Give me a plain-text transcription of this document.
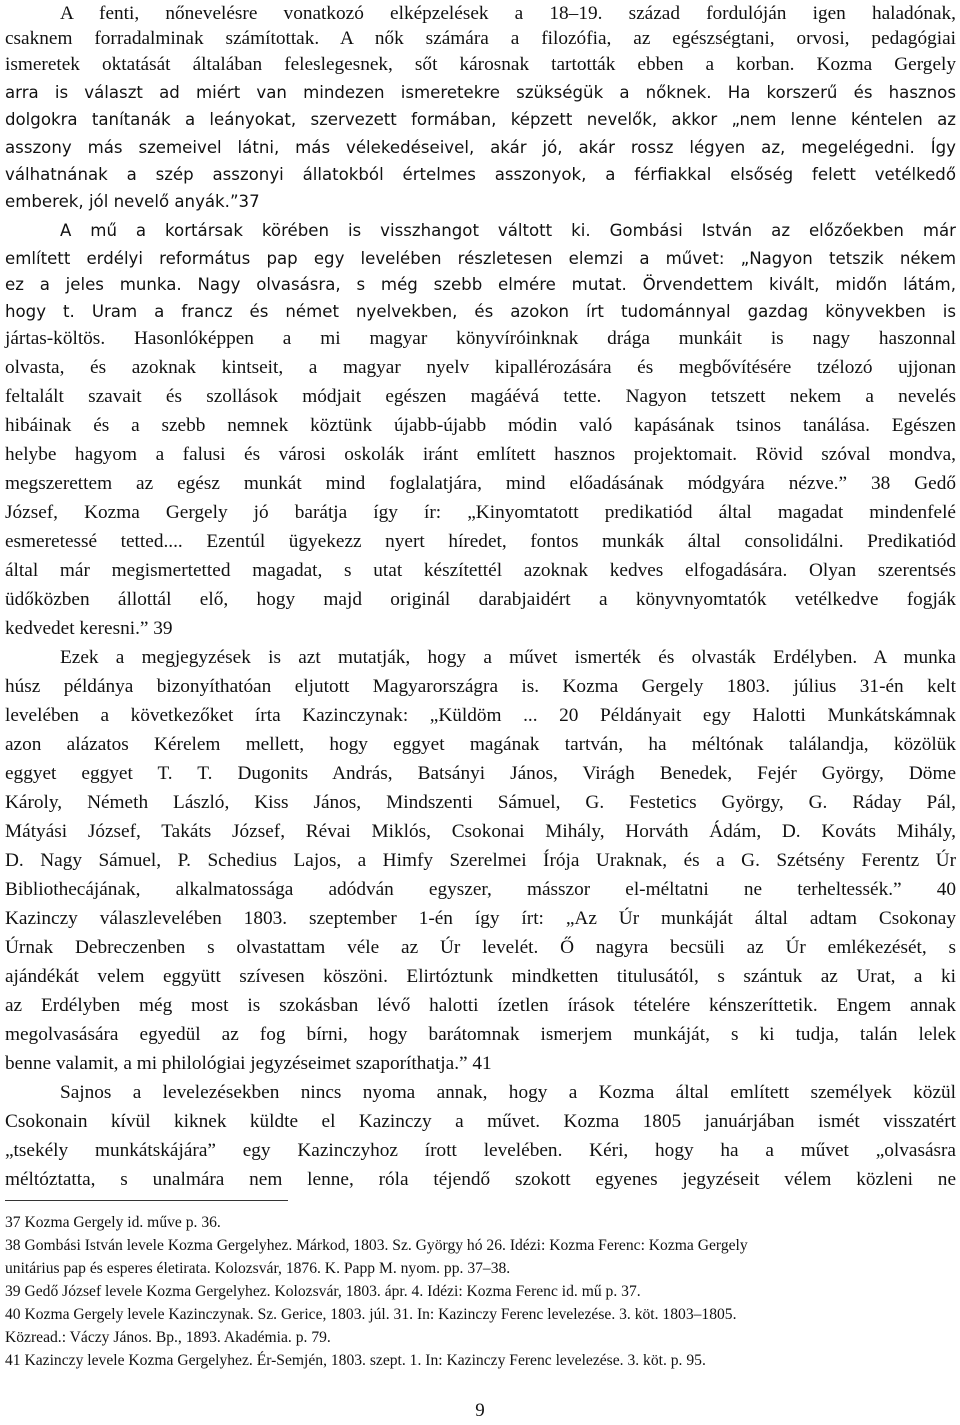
A fenti, nőnevelésre vonatkozó elképzelések a 18–19. század fordulóján igen haladónak,
csaknem forradalminak számítottak. A nők számára a filozófia, az egészségtani, orvosi, pedagógiai
ismeretek oktatását általában feleslegesnek, sőt károsnak tartották ebben a korban. Kozma Gergely
arra is választ ad miért van mindezen ismeretekre szükségük a nőknek. Ha korszerű és hasznos
dolgokra tanítanák a leányokat, szervezett formában, képzett nevelők, akkor „nem lenne kéntelen az
asszony más szemeivel látni, más vélekedéseivel, akár jó, akár rossz légyen az, megelégedni. Így
válhatnának a szép asszonyi állatokból értelmes asszonyok, a férfiakkal elsőség felett vetélkedő
emberek, jól nevelő anyák.”37
A mű a kortársak körében is visszhangot váltott ki. Gombási István az előzőekben már
említett erdélyi református pap egy levelében részletesen elemzi a művet: „Nagyon tetszik nékem
ez a jeles munka. Nagy olvasásra, s még szebb elmére mutat. Örvendettem kivált, midőn látám,
hogy t. Uram a francz és német nyelvekben, és azokon írt tudománnyal gazdag könyvekben is
jártas-költös. Hasonlóképpen a mi magyar könyvíróinknak drága munkáit is nagy haszonnal
olvasta, és azoknak kintseit, a magyar nyelv kipallérozására és megbővítésére tzélozó ujjonan
feltalált szavait és szollások módjait egészen magáévá tette. Nagyon tetszett nekem a nevelés
hibáinak és a szebb nemnek köztünk újabb-újabb módin való kapásának tsinos tanálása. Egészen
helybe hagyom a falusi és városi oskolák iránt említett hasznos projektomait. Rövid szóval mondva,
megszerettem az egész munkát mind foglalatjára, mind előadásának módgyára nézve.” 38 Gedő
József, Kozma Gergely jó barátja így ír: „Kinyomtatott predikatiód által magadat mindenfelé
esmeretessé tetted.... Ezentúl ügyekezz nyert híredet, fontos munkák által consolidálni. Predikatiód
által már megismertetted magadat, s utat készítettél azoknak kedves elfogadására. Olyan szerentsés
üdőközben állottál elő, hogy majd originál darabjaidért a könyvnyomtatók vetélkedve fogják
kedvedet keresni.” 39
Ezek a megjegyzések is azt mutatják, hogy a művet ismerték és olvasták Erdélyben. A munka
húsz példánya bizonyíthatóan eljutott Magyarországra is. Kozma Gergely 1803. július 31-én kelt
levelében a következőket írta Kazinczynak: „Küldöm ... 20 Példányait egy Halotti Munkátskámnak
azon alázatos Kérelem mellett, hogy eggyet magának tartván, ha méltónak találandja, közölük
eggyet eggyet T. T. Dugonits András, Batsányi János, Virágh Benedek, Fejér György, Döme
Károly, Németh László, Kiss János, Mindszenti Sámuel, G. Festetics György, G. Ráday Pál,
Mátyási József, Takáts József, Révai Miklós, Csokonai Mihály, Horváth Ádám, D. Kováts Mihály,
D. Nagy Sámuel, P. Schedius Lajos, a Himfy Szerelmei Írója Uraknak, és a G. Szétsény Ferentz Úr
Bibliothecájának, alkalmatossága adódván egyszer, másszor el-méltatni ne terheltessék.” 40
Kazinczy válaszlevelében 1803. szeptember 1-én így írt: „Az Úr munkáját által adtam Csokonay
Úrnak Debreczenben s olvastattam véle az Úr levelét. Ő nagyra becsüli az Úr emlékezését, s
ajándékát velem eggyütt szívesen köszöni. Elirtóztunk mindketten titulusától, s szántuk az Urat, a ki
az Erdélyben még most is szokásban lévő halotti ízetlen írások tételére kénszeríttetik. Engem annak
megolvasására egyedül az fog bírni, hogy barátomnak ismerjem munkáját, s ki tudja, talán lelek
benne valamit, a mi philológiai jegyzéseimet szaporíthatja.” 41
Sajnos a levelezésekben nincs nyoma annak, hogy a Kozma által említett személyek közül
Csokonain kívül kiknek küldte el Kazinczy a művet. Kozma 1805 januárjában ismét visszatért
„tsekély munkátskájára” egy Kazinczyhoz írott levelében. Kéri, hogy ha a művet „olvasásra
méltóztatta, s unalmára nem lenne, róla téjendő szokott egyenes jegyzéseit vélem közleni ne
37 Kozma Gergely id. műve p. 36.
38 Gombási István levele Kozma Gergelyhez. Márkod, 1803. Sz. György hó 26. Idézi: Kozma Ferenc: Kozma Gergely
unitárius pap és esperes életirata. Kolozsvár, 1876. K. Papp M. nyom. pp. 37–38.
39 Gedő József levele Kozma Gergelyhez. Kolozsvár, 1803. ápr. 4. Idézi: Kozma Ferenc id. mű p. 37.
40 Kozma Gergely levele Kazinczynak. Sz. Gerice, 1803. júl. 31. In: Kazinczy Ferenc levelezése. 3. köt. 1803–1805.
Közread.: Váczy János. Bp., 1893. Akadémia. p. 79.
41 Kazinczy levele Kozma Gergelyhez. Ér-Semjén, 1803. szept. 1. In: Kazinczy Ferenc levelezése. 3. köt. p. 95.
9
